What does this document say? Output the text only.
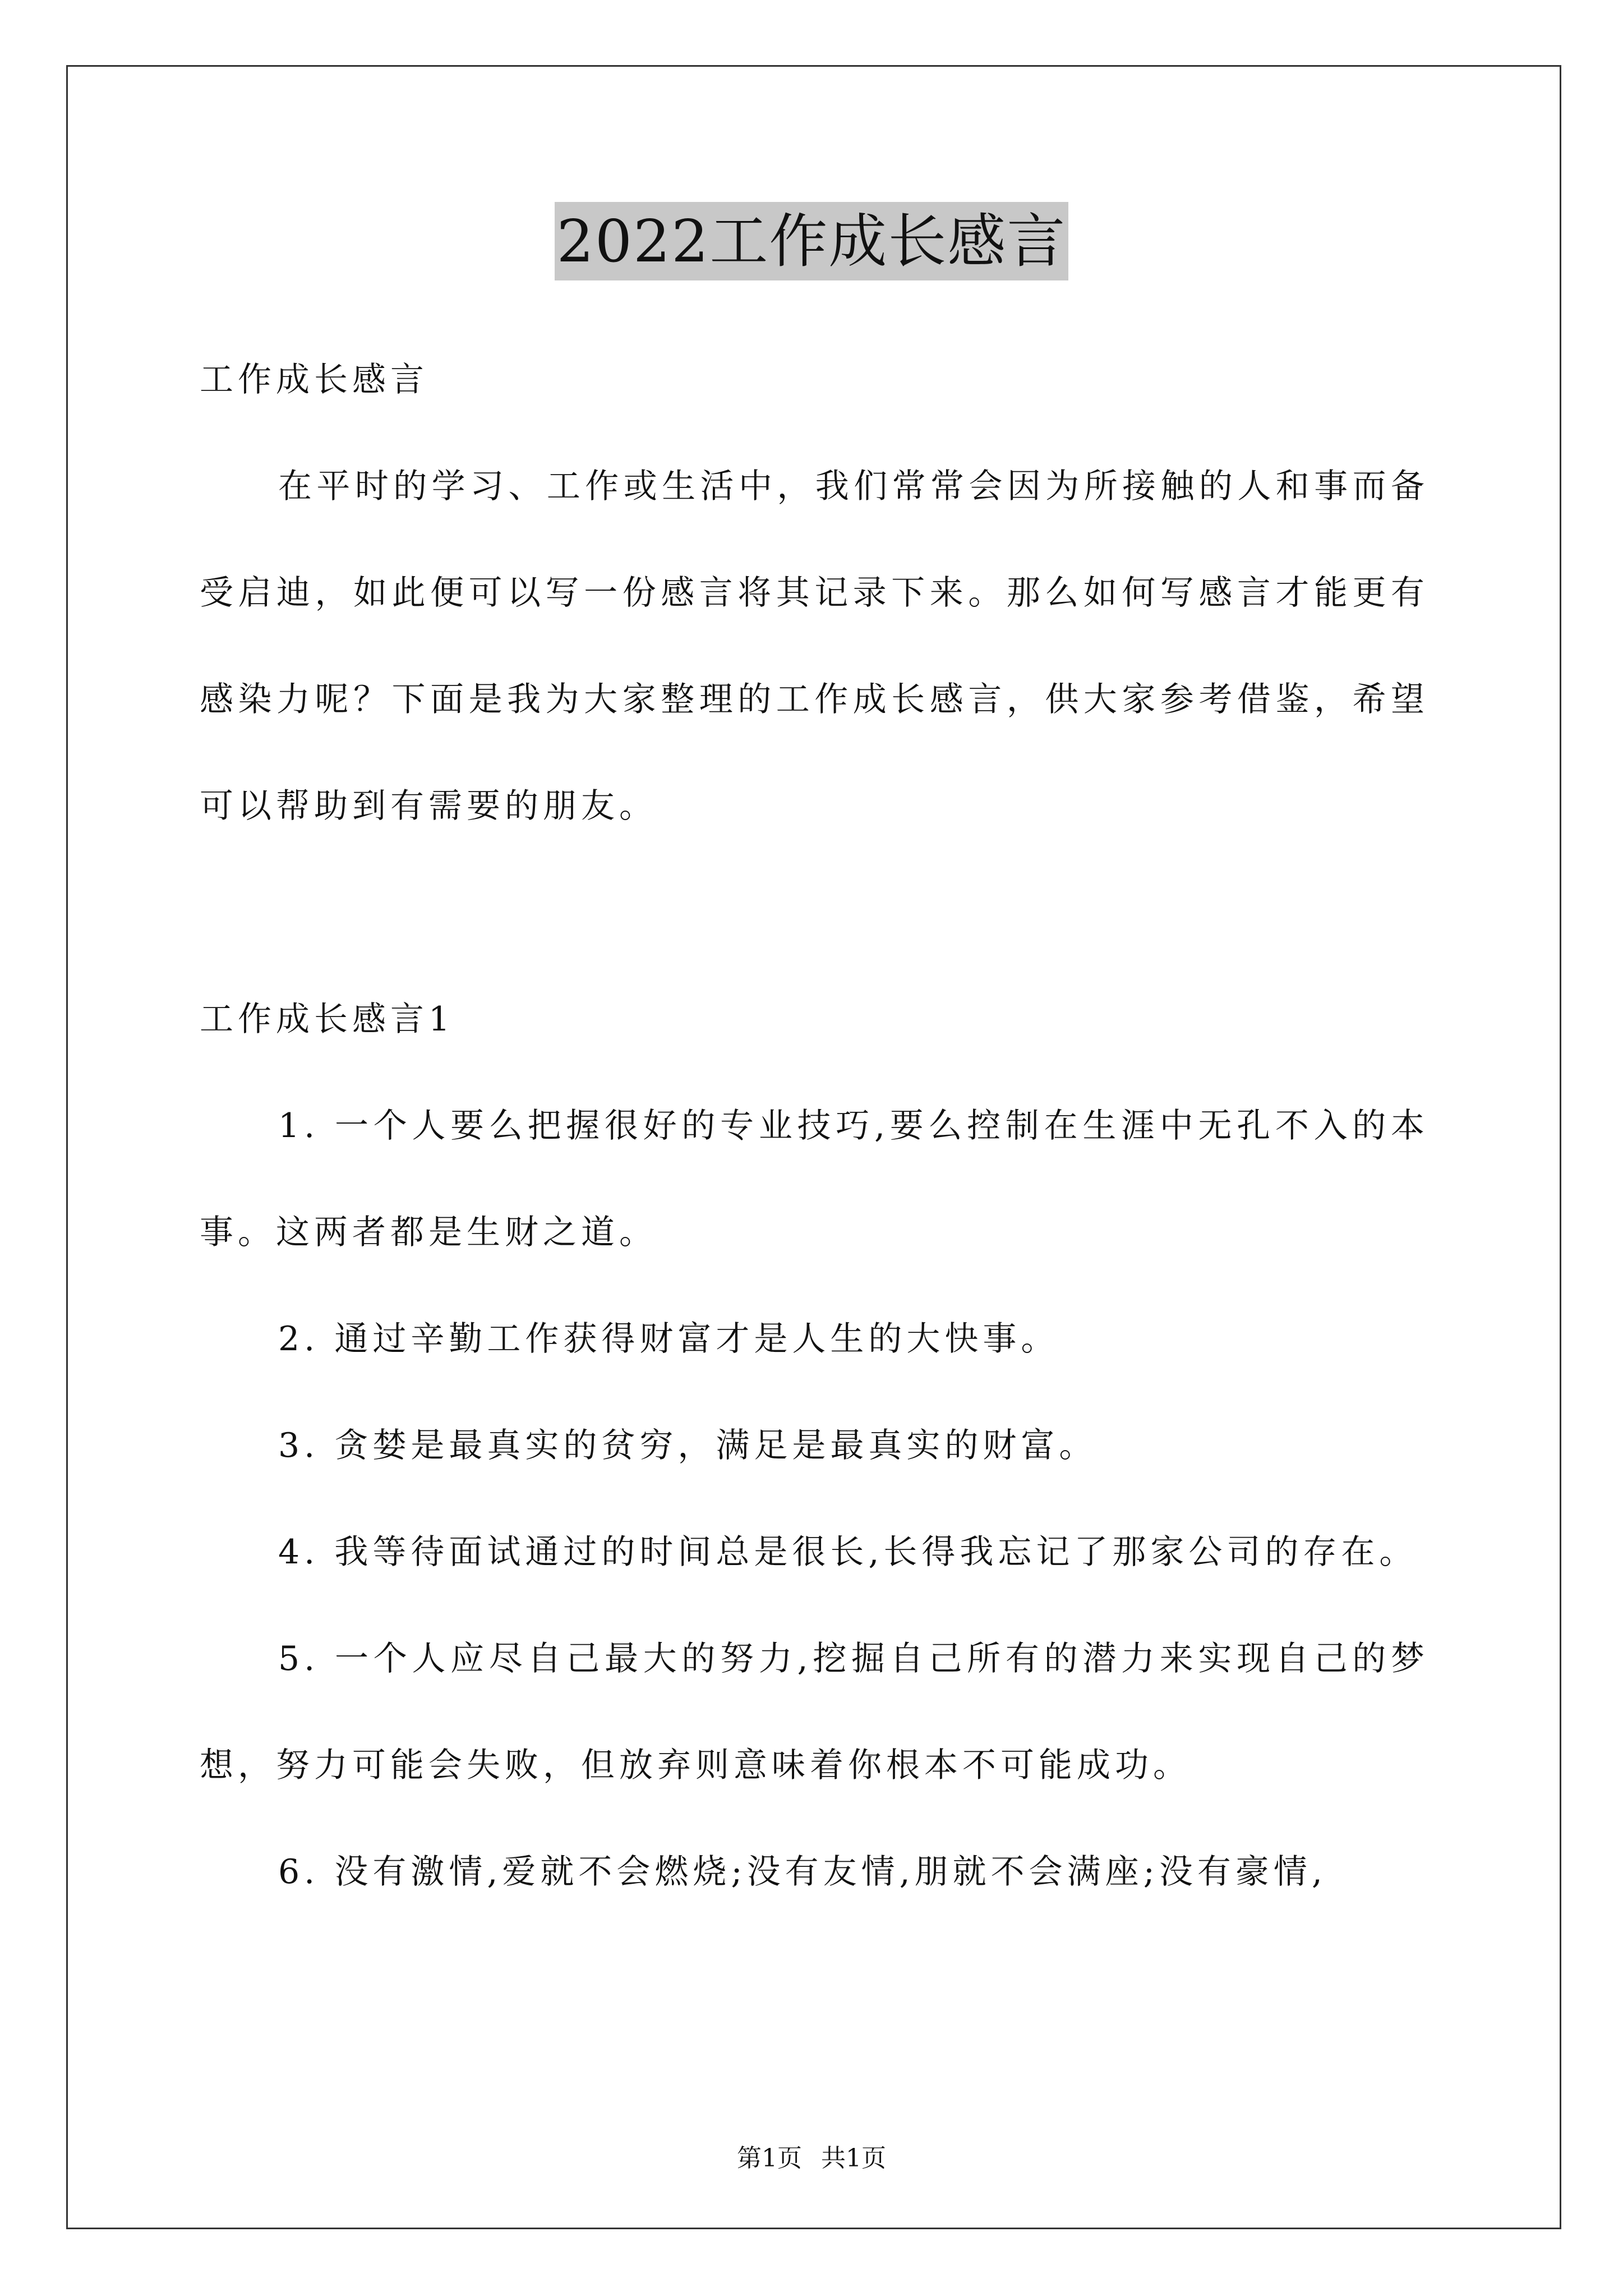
2022工作成长感言
工作成长感言

在平时的学习、工作或生活中，我们常常会因为所接触的人和事而备受启迪，如此便可以写一份感言将其记录下来。那么如何写感言才能更有感染力呢？下面是我为大家整理的工作成长感言，供大家参考借鉴，希望可以帮助到有需要的朋友。

工作成长感言1

1. 一个人要么把握很好的专业技巧,要么控制在生涯中无孔不入的本事。这两者都是生财之道。

2. 通过辛勤工作获得财富才是人生的大快事。

3. 贪婪是最真实的贫穷，满足是最真实的财富。

4. 我等待面试通过的时间总是很长,长得我忘记了那家公司的存在。

5. 一个人应尽自己最大的努力,挖掘自己所有的潜力来实现自己的梦想，努力可能会失败，但放弃则意味着你根本不可能成功。

6. 没有激情,爱就不会燃烧;没有友情,朋就不会满座;没有豪情,

第1页 共1页
